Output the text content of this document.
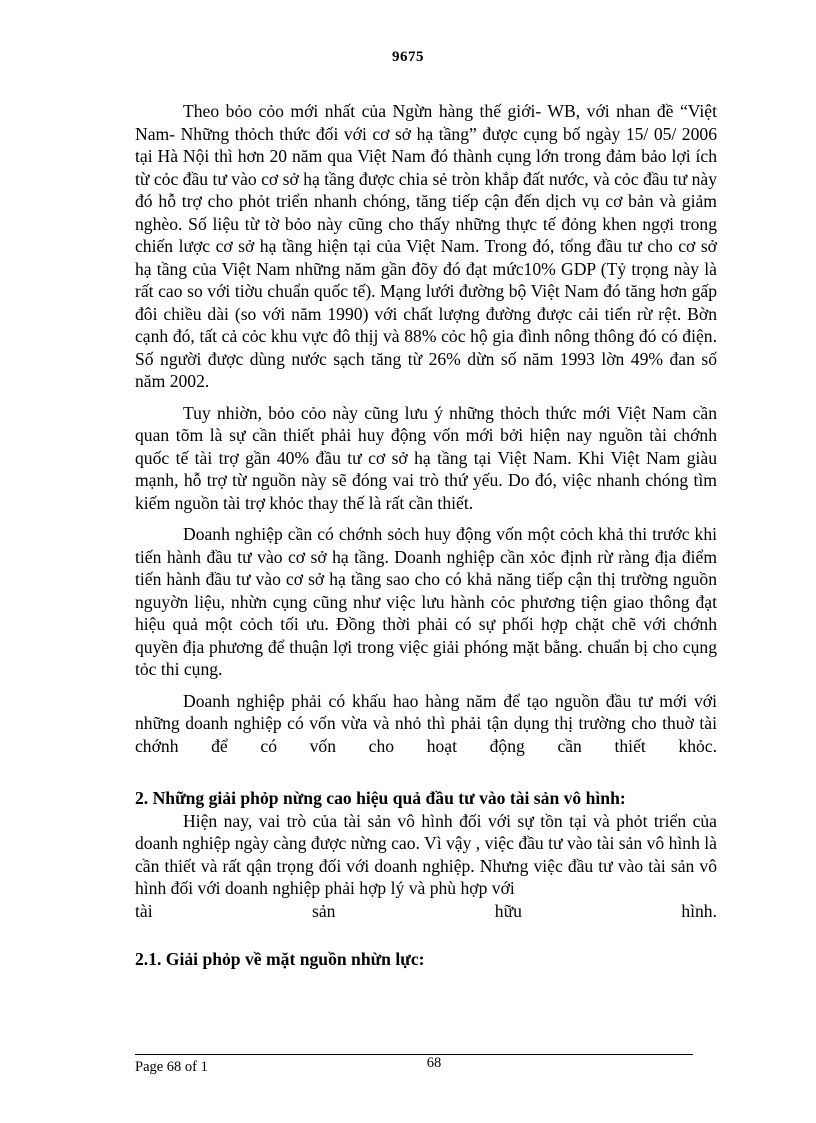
9675

Theo bỏo cỏo mới nhất của Ngừn hàng thế giới- WB, với nhan đề “Việt Nam- Những thỏch thức đối với cơ sở hạ tầng” được cụng bố ngày 15/ 05/ 2006 tại Hà Nội thì hơn 20 năm qua Việt Nam đó thành cụng lớn trong đảm bảo lợi ích từ cỏc đầu tư vào cơ sở hạ tầng được chia sẻ tròn khắp đất nước, và cỏc đầu tư này đó hỗ trợ cho phỏt triển nhanh chóng, tăng tiếp cận đến dịch vụ cơ bản và giảm nghèo. Số liệu từ tờ bỏo này cũng cho thấy những thực tế đỏng khen ngợi trong chiến lược cơ sở hạ tầng hiện tại của Việt Nam. Trong đó, tổng đầu tư cho cơ sở hạ tầng của Việt Nam những năm gần đõy đó đạt mức10% GDP (Tỷ trọng này là rất cao so với tiờu chuẩn quốc tế). Mạng lưới đường bộ Việt Nam đó tăng hơn gấp đôi chiều dài (so với năm 1990) với chất lượng đường được cải tiến rừ rệt. Bờn cạnh đó, tất cả cỏc khu vực đô thịj và 88% cỏc hộ gia đình nông thông đó có điện. Số người được dùng nước sạch tăng từ 26% dừn số năm 1993 lờn 49% đan số năm 2002.

Tuy nhiờn, bỏo cỏo này cũng lưu ý những thỏch thức mới Việt Nam cần quan tõm là sự cần thiết phải huy động vốn mới bởi hiện nay nguồn tài chớnh quốc tế tài trợ gần 40% đầu tư cơ sở hạ tầng tại Việt Nam. Khi Việt Nam giàu mạnh, hỗ trợ từ nguồn này sẽ đóng vai trò thứ yếu. Do đó, việc nhanh chóng tìm kiếm nguồn tài trợ khỏc thay thế là rất cần thiết.

Doanh nghiệp cần có chớnh sỏch huy động vốn một cỏch khả thi trước khi tiến hành đầu tư vào cơ sở hạ tầng. Doanh nghiệp cần xỏc định rừ ràng địa điểm tiến hành đầu tư vào cơ sở hạ tầng sao cho có khả năng tiếp cận thị trường nguồn nguyờn liệu, nhừn cụng cũng như việc lưu hành cỏc phương tiện giao thông đạt hiệu quả một cỏch tối ưu. Đồng thời phải có sự phối hợp chặt chẽ với chớnh quyền địa phương để thuận lợi trong việc giải phóng mặt bằng. chuẩn bị cho cụng tỏc thi cụng.

Doanh nghiệp phải có khấu hao hàng năm để tạo nguồn đầu tư mới với những doanh nghiệp có vốn vừa và nhỏ thì phải tận dụng thị trường cho thuờ tài chớnh để có vốn cho hoạt động cần thiết khỏc.

2. Những giải phỏp nừng cao hiệu quả đầu tư vào tài sản vô hình:

Hiện nay, vai trò của tài sản vô hình đối với sự tồn tại và phỏt triển của doanh nghiệp ngày càng được nừng cao. Vì vậy , việc đầu tư vào tài sản vô hình là cần thiết và rất qận trọng đối với doanh nghiệp. Nhưng việc đầu tư vào tài sản vô hình đối với doanh nghiệp phải hợp lý và phù hợp với

tài sản hữu hình.

2.1. Giải phỏp về mặt nguồn nhừn lực:

Page 68 of 1	68
